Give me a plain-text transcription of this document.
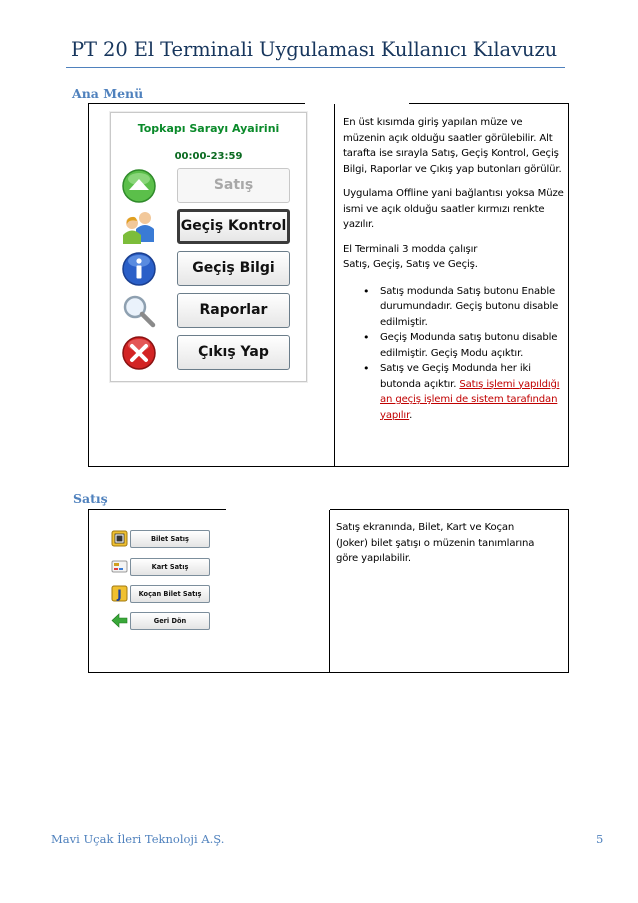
PT 20 El Terminali Uygulaması Kullanıcı Kılavuzu
Ana Menü
Topkapı Sarayı Ayairini
00:00-23:59
Satış
Geçiş Kontrol
Geçiş Bilgi
Raporlar
Çıkış Yap

En üst kısımda giriş yapılan müze ve müzenin açık olduğu saatler görülebilir. Alt tarafta ise sırayla Satış, Geçiş Kontrol, Geçiş Bilgi, Raporlar ve Çıkış yap butonları görülür.

Uygulama Offline yani bağlantısı yoksa Müze ismi ve açık olduğu saatler kırmızı renkte yazılır.

El Terminali 3 modda çalışır
Satış, Geçiş, Satış ve Geçiş.

• Satış modunda Satış butonu Enable durumundadır. Geçiş butonu disable edilmiştir.
• Geçiş Modunda satış butonu disable edilmiştir. Geçiş Modu açıktır.
• Satış ve Geçiş Modunda her iki butonda açıktır. Satış işlemi yapıldığı an geçiş işlemi de sistem tarafından yapılır.
Satış
Bilet Satış
Kart Satış
J	Koçan Bilet Satış
Geri Dön

Satış ekranında, Bilet, Kart ve Koçan (Joker) bilet şatışı o müzenin tanımlarına göre yapılabilir.

Mavi Uçak İleri Teknoloji A.Ş.	5
